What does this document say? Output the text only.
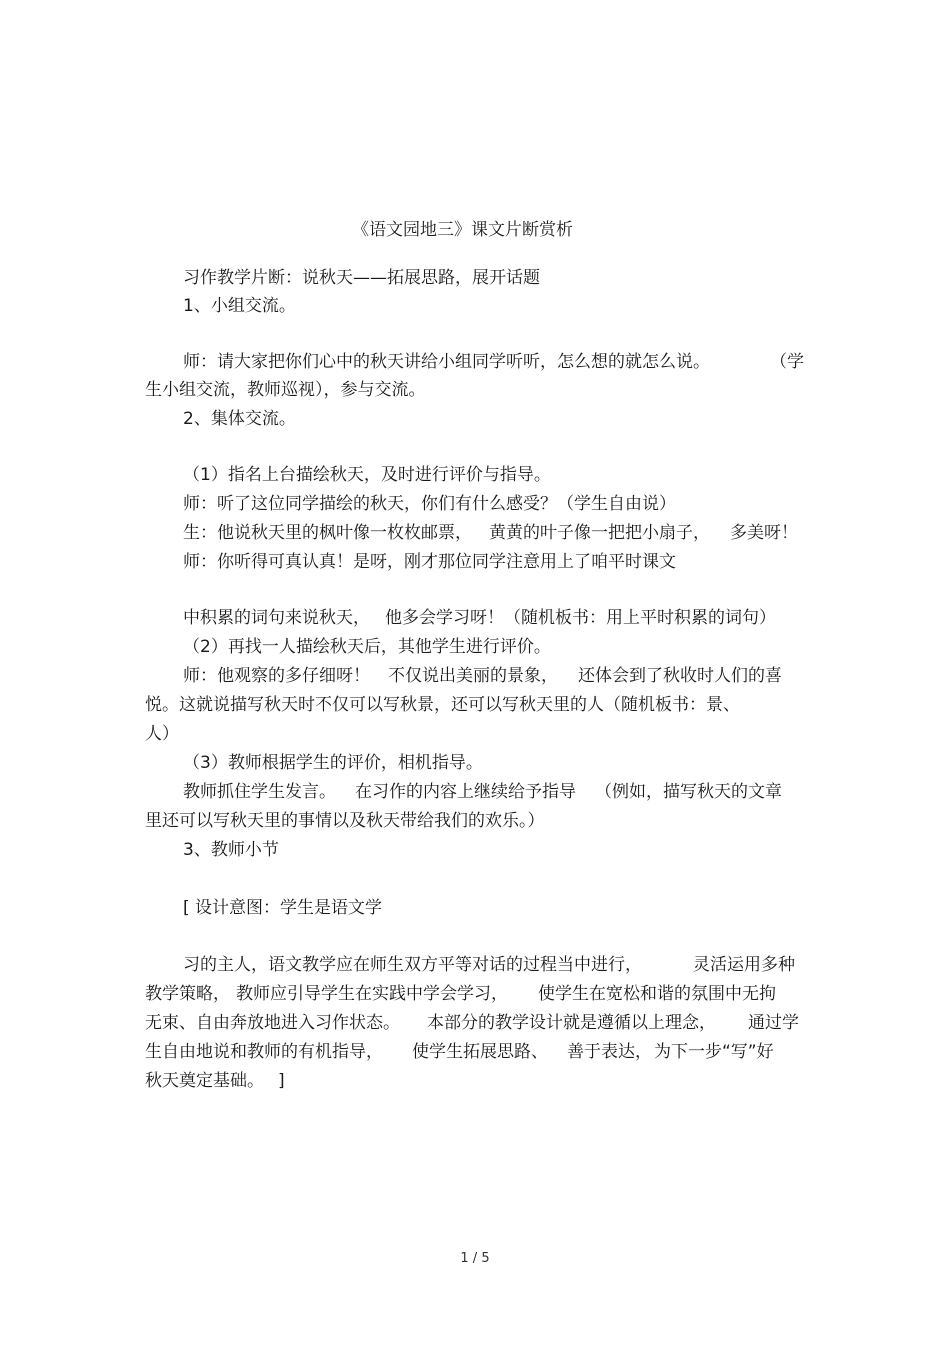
《语文园地三》课文片断赏析
习作教学片断：说秋天——拓展思路，展开话题
1、小组交流。
师：请大家把你们心中的秋天讲给小组同学听听，怎么想的就怎么说。	（学
生小组交流，教师巡视），参与交流。
2、集体交流。
（1）指名上台描绘秋天，及时进行评价与指导。
师：听了这位同学描绘的秋天，你们有什么感受？（学生自由说）
生：他说秋天里的枫叶像一枚枚邮票， 黄黄的叶子像一把把小扇子， 多美呀！
师：你听得可真认真！是呀，刚才那位同学注意用上了咱平时课文
中积累的词句来说秋天， 他多会学习呀！（随机板书：用上平时积累的词句）
（2）再找一人描绘秋天后，其他学生进行评价。
师：他观察的多仔细呀！ 不仅说出美丽的景象， 还体会到了秋收时人们的喜
悦。这就说描写秋天时不仅可以写秋景，还可以写秋天里的人（随机板书：景、
人）
（3）教师根据学生的评价，相机指导。
教师抓住学生发言。 在习作的内容上继续给予指导 （例如，描写秋天的文章
里还可以写秋天里的事情以及秋天带给我们的欢乐。）
3、教师小节
[ 设计意图：学生是语文学
习的主人，语文教学应在师生双方平等对话的过程当中进行，	灵活运用多种
教学策略， 教师应引导学生在实践中学会学习， 使学生在宽松和谐的氛围中无拘
无束、自由奔放地进入习作状态。 本部分的教学设计就是遵循以上理念， 通过学
生自由地说和教师的有机指导， 使学生拓展思路、 善于表达， 为下一步“写”好
秋天奠定基础。 ]
1 / 5
